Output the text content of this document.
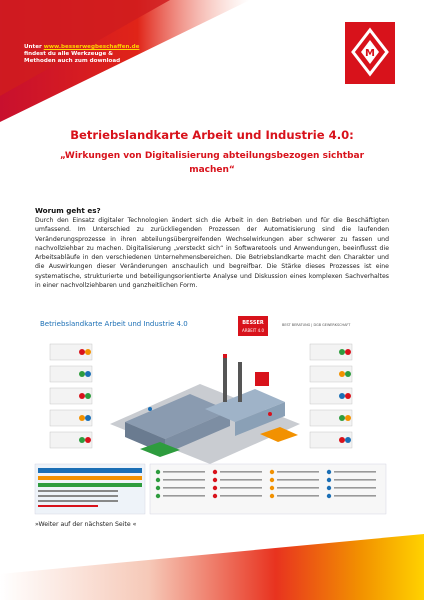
Unter www.besserwegbeschaffen.de
findest du alle Werkzeuge & Methoden auch zum download
M
Betriebslandkarte Arbeit und Industrie 4.0:
„Wirkungen von Digitalisierung abteilungsbezogen sichtbar machen“
Worum geht es?
Durch den Einsatz digitaler Technologien ändert sich die Arbeit in den Betrieben und für die Beschäftigten umfassend. Im Unterschied zu zurückliegenden Prozessen der Automatisierung sind die laufenden Veränderungsprozesse in ihren abteilungsübergreifenden Wechselwirkungen aber schwerer zu fassen und nachvollziehbar zu machen. Digitalisierung „versteckt sich“ in Softwaretools und Anwendungen, beeinflusst die Arbeitsabläufe in den verschiedenen Unternehmensbereichen. Die Betriebslandkarte macht den Charakter und die Auswirkungen dieser Veränderungen anschaulich und begreifbar. Die Stärke dieses Prozesses ist eine systematische, strukturierte und beteiligungsorientierte Analyse und Diskussion eines komplexen Sachverhaltes in einer nachvollziehbaren und ganzheitlichen Form.
Betriebslandkarte Arbeit und Industrie 4.0	BESSER
ARBEIT 4.0
BEST BERATUNG | DGB GEWERKSCHAFT
»Weiter auf der nächsten Seite «
